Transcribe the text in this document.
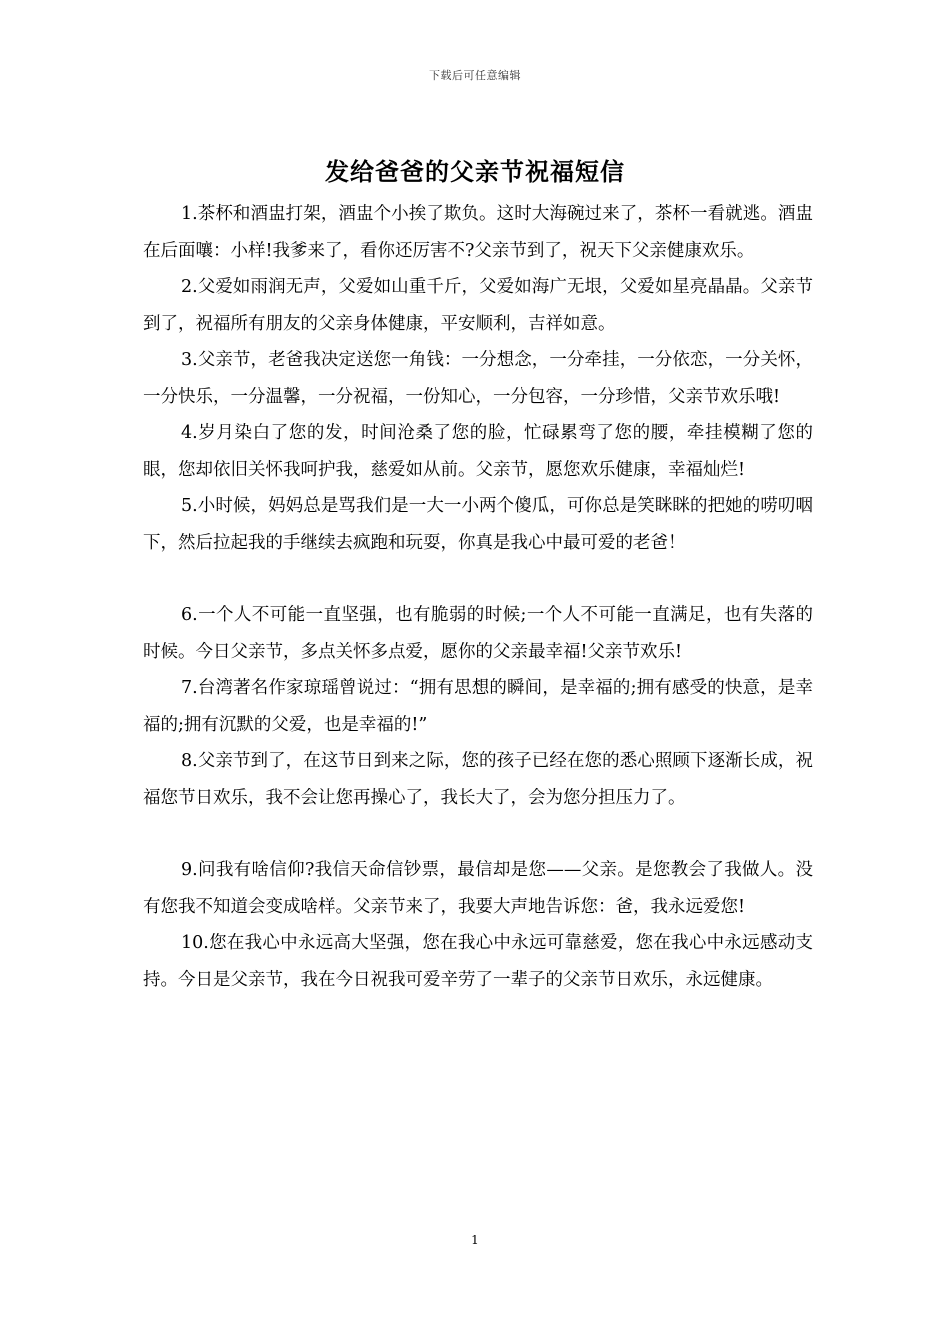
下载后可任意编辑
发给爸爸的父亲节祝福短信

1.茶杯和酒盅打架，酒盅个小挨了欺负。这时大海碗过来了，茶杯一看就逃。酒盅在后面嚷：小样!我爹来了，看你还厉害不?父亲节到了，祝天下父亲健康欢乐。

2.父爱如雨润无声，父爱如山重千斤，父爱如海广无垠，父爱如星亮晶晶。父亲节到了，祝福所有朋友的父亲身体健康，平安顺利，吉祥如意。

3.父亲节，老爸我决定送您一角钱：一分想念，一分牵挂，一分依恋，一分关怀，一分快乐，一分温馨，一分祝福，一份知心，一分包容，一分珍惜，父亲节欢乐哦!

4.岁月染白了您的发，时间沧桑了您的脸，忙碌累弯了您的腰，牵挂模糊了您的眼，您却依旧关怀我呵护我，慈爱如从前。父亲节，愿您欢乐健康，幸福灿烂!

5.小时候，妈妈总是骂我们是一大一小两个傻瓜，可你总是笑眯眯的把她的唠叨咽下，然后拉起我的手继续去疯跑和玩耍，你真是我心中最可爱的老爸！

6.一个人不可能一直坚强，也有脆弱的时候;一个人不可能一直满足，也有失落的时候。今日父亲节，多点关怀多点爱，愿你的父亲最幸福!父亲节欢乐!

7.台湾著名作家琼瑶曾说过：“拥有思想的瞬间，是幸福的;拥有感受的快意，是幸福的;拥有沉默的父爱，也是幸福的!”

8.父亲节到了，在这节日到来之际，您的孩子已经在您的悉心照顾下逐渐长成，祝福您节日欢乐，我不会让您再操心了，我长大了，会为您分担压力了。

9.问我有啥信仰?我信天命信钞票，最信却是您——父亲。是您教会了我做人。没有您我不知道会变成啥样。父亲节来了，我要大声地告诉您：爸，我永远爱您!

10.您在我心中永远高大坚强，您在我心中永远可靠慈爱，您在我心中永远感动支持。今日是父亲节，我在今日祝我可爱辛劳了一辈子的父亲节日欢乐，永远健康。

1
